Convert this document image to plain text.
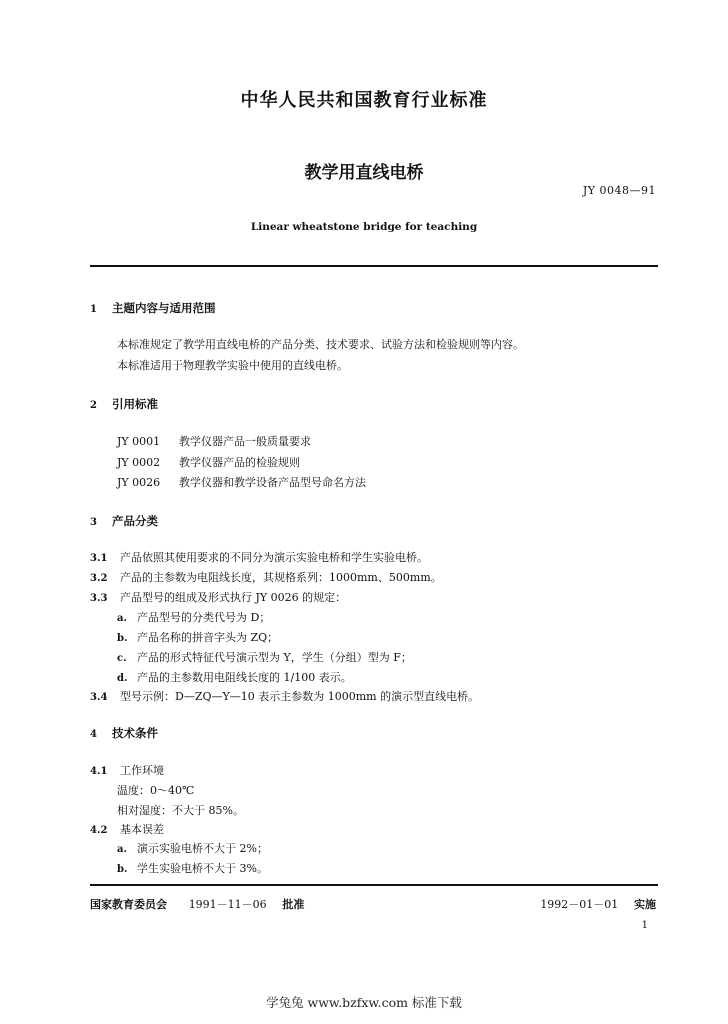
中华人民共和国教育行业标准
教学用直线电桥
JY 0048—91
Linear wheatstone bridge for teaching
1 主题内容与适用范围
本标准规定了教学用直线电桥的产品分类、技术要求、试验方法和检验规则等内容。
本标准适用于物理教学实验中使用的直线电桥。
2 引用标准
JY 0001 教学仪器产品一般质量要求
JY 0002 教学仪器产品的检验规则
JY 0026 教学仪器和教学设备产品型号命名方法
3 产品分类
3.1 产品依照其使用要求的不同分为演示实验电桥和学生实验电桥。
3.2 产品的主参数为电阻线长度，其规格系列：1000mm、500mm。
3.3 产品型号的组成及形式执行 JY 0026 的规定：
a. 产品型号的分类代号为 D；
b. 产品名称的拼音字头为 ZQ；
c. 产品的形式特征代号演示型为 Y，学生（分组）型为 F；
d. 产品的主参数用电阻线长度的 1/100 表示。
3.4 型号示例：D—ZQ—Y—10 表示主参数为 1000mm 的演示型直线电桥。
4 技术条件
4.1 工作环境
温度：0～40℃
相对湿度：不大于 85%。
4.2 基本误差
a. 演示实验电桥不大于 2%；
b. 学生实验电桥不大于 3%。
国家教育委员会 1991－11－06 批准	1992－01－01 实施
1
学兔兔 www.bzfxw.com 标准下载
